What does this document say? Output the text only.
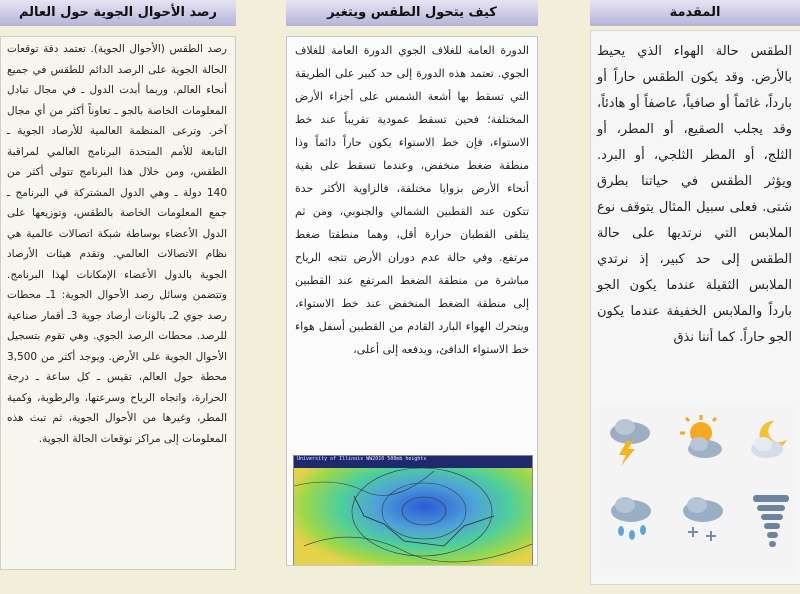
المقدمة

الطقس حالة الهواء الذي يحيط بالأرض. وقد يكون الطقس حاراً أو بارداً، غائماً أو صافياً، عاصفاً أو هادئاً، وقد يجلب الصقيع، أو المطر، أو الثلج، أو المطر الثلجي، أو البرد. ويؤثر الطقس في حياتنا بطرق شتى. فعلى سبيل المثال يتوقف نوع الملابس التي نرتديها على حالة الطقس إلى حد كبير، إذ نرتدي الملابس الثقيلة عندما يكون الجو بارداً والملابس الخفيفة عندما يكون الجو حاراً. كما أننا نذق

كيف يتحول الطقس ويتغير

الدورة العامة للغلاف الجوي الدورة العامة للغلاف الجوي. تعتمد هذه الدورة إلى حد كبير على الطريقة التي تسقط بها أشعة الشمس على أجزاء الأرض المختلفة؛ فحين تسقط عمودية تقريباً عند خط الاستواء، فإن خط الاستواء يكون حاراً دائماً وذا منطقة ضغط منخفض، وعندما تسقط على بقية أنحاء الأرض بزوايا مختلفة، فالزاوية الأكثر حدة تتكون عند القطبين الشمالي والجنوبي، ومن ثم يتلقى القطبان حرارة أقل، وهما منطقتا ضغط مرتفع. وفي حالة عدم دوران الأرض تتجه الرياح مباشرة من منطقة الضغط المرتفع عند القطبين إلى منطقة الضغط المنخفض عند خط الاستواء، ويتحرك الهواء البارد القادم من القطبين أسفل هواء خط الاستواء الدافئ، ويدفعه إلى أعلى،

University of Illinois WW2010 500mb heights
رصد الأحوال الجوية حول العالم

رصد الطقس (الأحوال الجوية). تعتمد دقة توقعات الحالة الجوية على الرصد الدائم للطقس في جميع أنحاء العالم. وربما أبدت الدول ـ في مجال تبادل المعلومات الخاصة بالجو ـ تعاوناً أكثر من أي مجال آخر. وترعى المنظمة العالمية للأرصاد الجوية ـ التابعة للأمم المتحدة البرنامج العالمي لمراقبة الطقس، ومن خلال هذا البرنامج تتولى أكثر من 140 دولة ـ وهي الدول المشتركة في البرنامج ـ جمع المعلومات الخاصة بالطقس، وتوزيعها على الدول الأعضاء بوساطة شبكة اتصالات عالمية هي نظام الاتصالات العالمي. وتقدم هيئات الأرصاد الجوية بالدول الأعضاء الإمكانات لهذا البرنامج. وتتضمن وسائل رصد الأحوال الجوية: 1ـ محطات رصد جوي 2ـ بالونات أرصاد جوية 3ـ أقمار صناعية للرصد. محطات الرصد الجوي. وهي تقوم بتسجيل الأحوال الجوية على الأرض. ويوجد أكثر من 3,500 محطة حول العالم، تقيس ـ كل ساعة ـ درجة الحرارة، واتجاه الرياح وسرعتها، والرطوبة، وكمية المطر، وغيرها من الأحوال الجوية، ثم تبث هذه المعلومات إلى مراكز توقعات الحالة الجوية.
